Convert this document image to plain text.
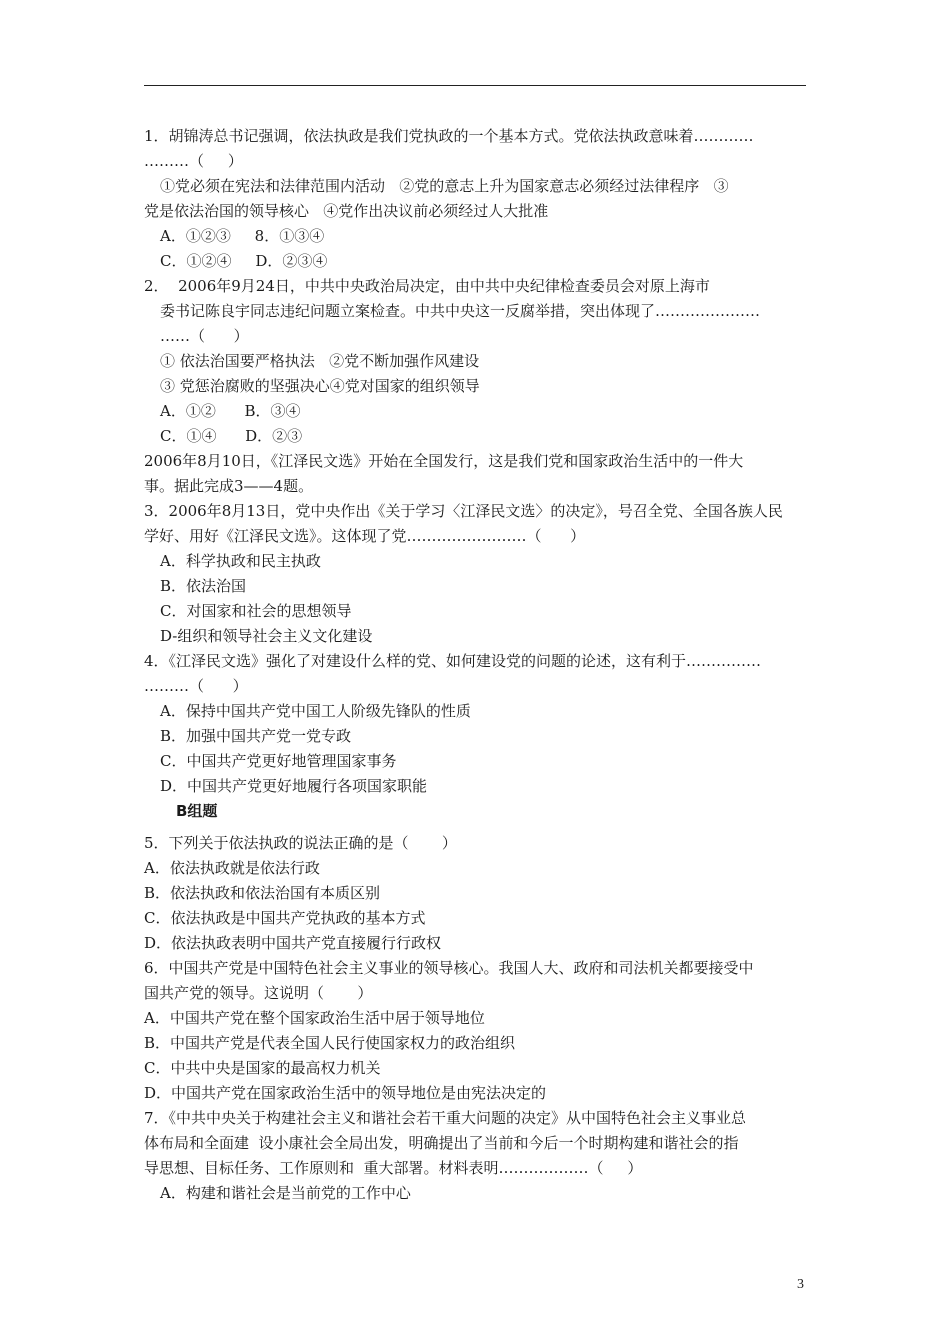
1．胡锦涛总书记强调，依法执政是我们党执政的一个基本方式。党依法执政意味着…………
………（     ）
①党必须在宪法和法律范围内活动   ②党的意志上升为国家意志必须经过法律程序   ③
党是依法治国的领导核心   ④党作出决议前必须经过人大批准
A．①②③     8．①③④
C．①②④     D．②③④
2．  2006年9月24日，中共中央政治局决定，由中共中央纪律检查委员会对原上海市
委书记陈良宇同志违纪问题立案检查。中共中央这一反腐举措，突出体现了…………………
……（      ）
① 依法治国要严格执法   ②党不断加强作风建设
③ 党惩治腐败的坚强决心④党对国家的组织领导
A．①②      B．③④
C．①④      D．②③
2006年8月10日，《江泽民文选》开始在全国发行，这是我们党和国家政治生活中的一件大
事。据此完成3——4题。
3．2006年8月13日，党中央作出《关于学习〈江泽民文选〉的决定》，号召全党、全国各族人民
学好、用好《江泽民文选》。这体现了党……………………（      ）
A．科学执政和民主执政
B．依法治国
C．对国家和社会的思想领导
D-组织和领导社会主义文化建设
4．《江泽民文选》强化了对建设什么样的党、如何建设党的问题的论述，这有利于……………
………（      ）
A．保持中国共产党中国工人阶级先锋队的性质
B．加强中国共产党一党专政
C．中国共产党更好地管理国家事务
D．中国共产党更好地履行各项国家职能
B组题
5．下列关于依法执政的说法正确的是（       ）
A．依法执政就是依法行政
B．依法执政和依法治国有本质区别
C．依法执政是中国共产党执政的基本方式
D．依法执政表明中国共产党直接履行行政权
6．中国共产党是中国特色社会主义事业的领导核心。我国人大、政府和司法机关都要接受中
国共产党的领导。这说明（       ）
A．中国共产党在整个国家政治生活中居于领导地位
B．中国共产党是代表全国人民行使国家权力的政治组织
C．中共中央是国家的最高权力机关
D．中国共产党在国家政治生活中的领导地位是由宪法决定的
7．《中共中央关于构建社会主义和谐社会若干重大问题的决定》从中国特色社会主义事业总
体布局和全面建  设小康社会全局出发，明确提出了当前和今后一个时期构建和谐社会的指
导思想、目标任务、工作原则和  重大部署。材料表明………………（     ）
A．构建和谐社会是当前党的工作中心
3
